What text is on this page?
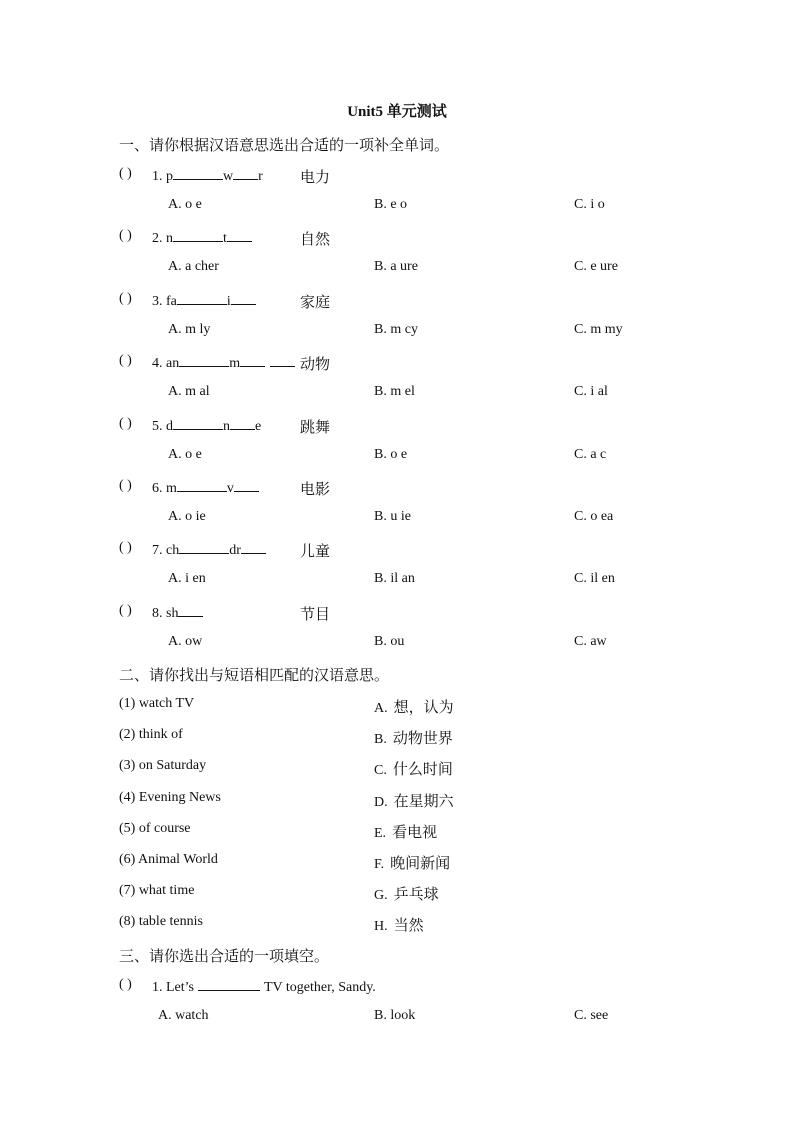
Unit5 单元测试
一、请你根据汉语意思选出合适的一项补全单词。
( ) 1. p	w r 电力
A. o e	B. e o	C. i o
( ) 2. n	t	自然
A. a cher	B. a ure	C. e ure
( ) 3. fa	i	家庭
A. m ly	B. m cy	C. m my
( ) 4. an	m	动物
A. m al	B. m el	C. i al
( ) 5. d	n e	跳舞
A. o e	B. o e	C. a c
( ) 6. m	v	电影
A. o ie	B. u ie	C. o ea
( ) 7. ch	dr	儿童
A. i en	B. il an	C. il en
( ) 8. sh	节目
A. ow	B. ou	C. aw
二、请你找出与短语相匹配的汉语意思。
(1) watch TV	A. 想，认为
(2) think of	B. 动物世界
(3) on Saturday	C. 什么时间
(4) Evening News	D. 在星期六
(5) of course	E. 看电视
(6) Animal World	F. 晚间新闻
(7) what time	G. 乒乓球
(8) table tennis	H. 当然
三、请你选出合适的一项填空。
( ) 1. Let’s	TV together, Sandy.
A. watch	B. look	C. see
